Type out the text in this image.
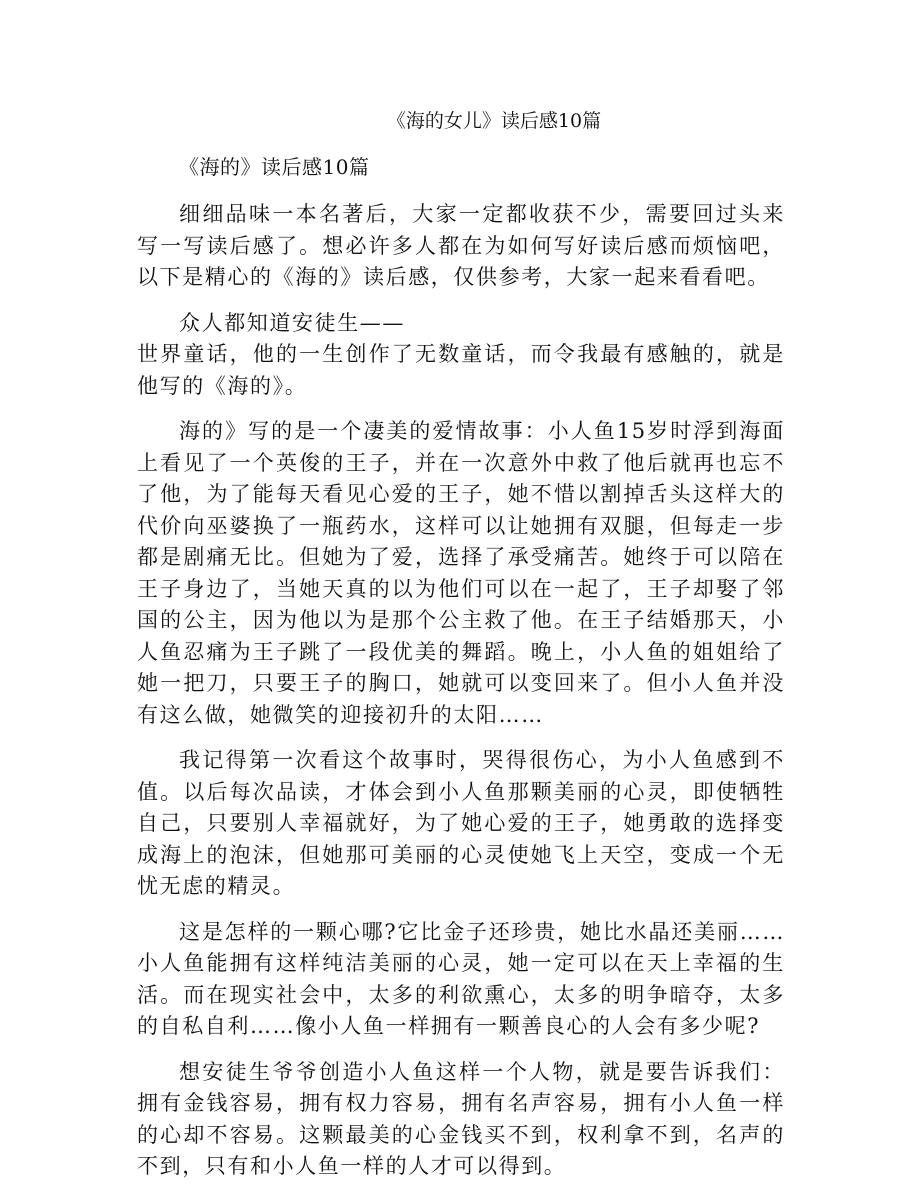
《海的女儿》读后感10篇
《海的》读后感10篇

细细品味一本名著后，大家一定都收获不少，需要回过头来写一写读后感了。想必许多人都在为如何写好读后感而烦恼吧，以下是精心的《海的》读后感，仅供参考，大家一起来看看吧。

众人都知道安徒生——
世界童话，他的一生创作了无数童话，而令我最有感触的，就是他写的《海的》。

海的》写的是一个凄美的爱情故事：小人鱼15岁时浮到海面上看见了一个英俊的王子，并在一次意外中救了他后就再也忘不了他，为了能每天看见心爱的王子，她不惜以割掉舌头这样大的代价向巫婆换了一瓶药水，这样可以让她拥有双腿，但每走一步都是剧痛无比。但她为了爱，选择了承受痛苦。她终于可以陪在王子身边了，当她天真的以为他们可以在一起了，王子却娶了邻国的公主，因为他以为是那个公主救了他。在王子结婚那天，小人鱼忍痛为王子跳了一段优美的舞蹈。晚上，小人鱼的姐姐给了她一把刀，只要王子的胸口，她就可以变回来了。但小人鱼并没有这么做，她微笑的迎接初升的太阳……

我记得第一次看这个故事时，哭得很伤心，为小人鱼感到不值。以后每次品读，才体会到小人鱼那颗美丽的心灵，即使牺牲自己，只要别人幸福就好，为了她心爱的王子，她勇敢的选择变成海上的泡沫，但她那可美丽的心灵使她飞上天空，变成一个无忧无虑的精灵。

这是怎样的一颗心哪?它比金子还珍贵，她比水晶还美丽……小人鱼能拥有这样纯洁美丽的心灵，她一定可以在天上幸福的生活。而在现实社会中，太多的利欲熏心，太多的明争暗夺，太多的自私自利……像小人鱼一样拥有一颗善良心的人会有多少呢?

想安徒生爷爷创造小人鱼这样一个人物，就是要告诉我们：拥有金钱容易，拥有权力容易，拥有名声容易，拥有小人鱼一样的心却不容易。这颗最美的心金钱买不到，权利拿不到，名声的不到，只有和小人鱼一样的人才可以得到。
